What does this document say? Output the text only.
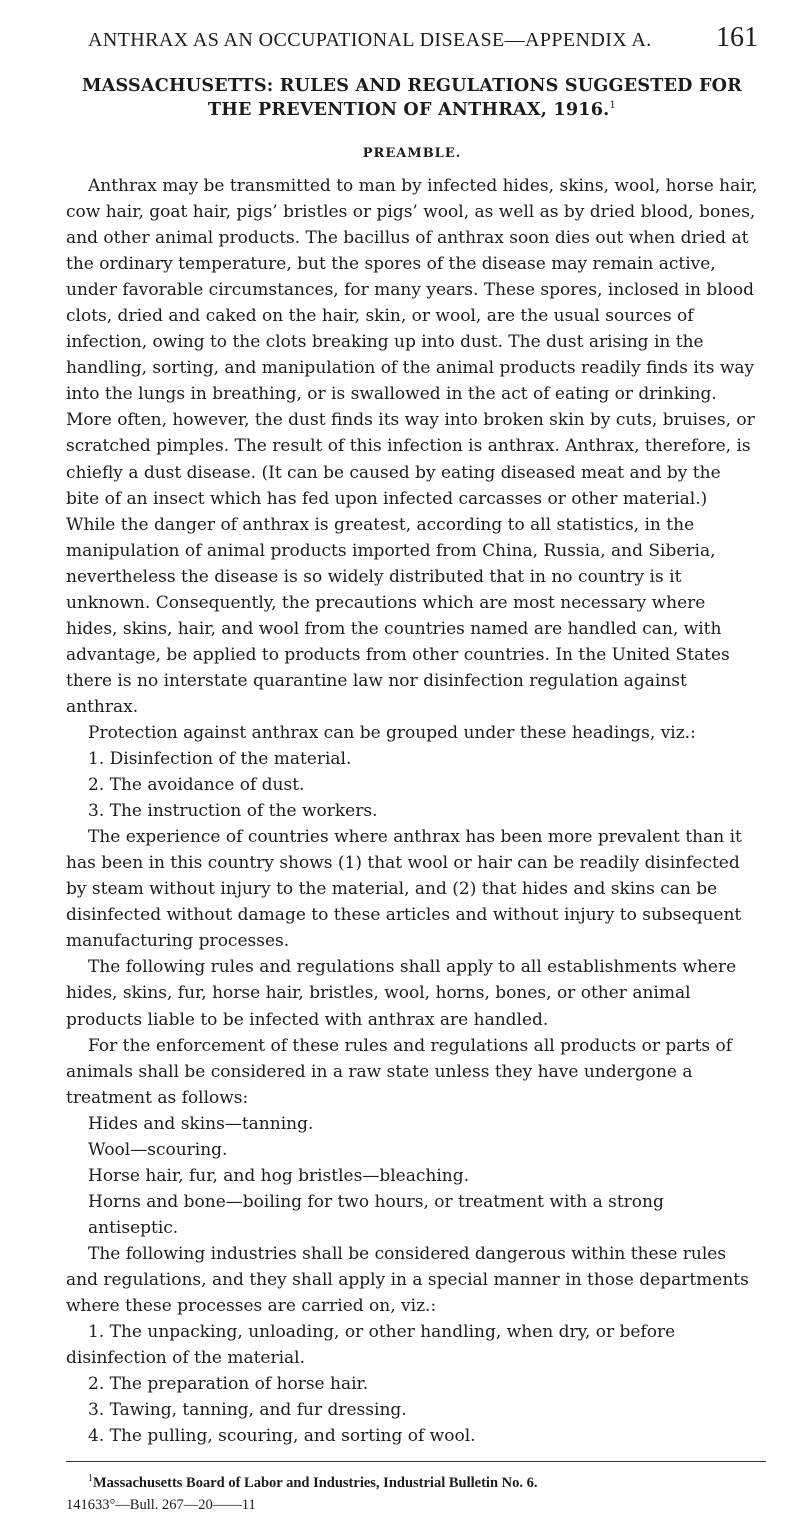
ANTHRAX AS AN OCCUPATIONAL DISEASE—APPENDIX A. 161
MASSACHUSETTS: RULES AND REGULATIONS SUGGESTED FOR
THE PREVENTION OF ANTHRAX, 1916.$^1$
PREAMBLE.

Anthrax may be transmitted to man by infected hides, skins, wool, horse hair, cow hair, goat hair, pigs’ bristles or pigs’ wool, as well as by dried blood, bones, and other animal products. The bacillus of anthrax soon dies out when dried at the ordinary temperature, but the spores of the disease may remain active, under favorable circumstances, for many years. These spores, inclosed in blood clots, dried and caked on the hair, skin, or wool, are the usual sources of infection, owing to the clots breaking up into dust. The dust arising in the handling, sorting, and manipulation of the animal products readily finds its way into the lungs in breathing, or is swallowed in the act of eating or drinking. More often, however, the dust finds its way into broken skin by cuts, bruises, or scratched pimples. The result of this infection is anthrax. Anthrax, therefore, is chiefly a dust disease. (It can be caused by eating diseased meat and by the bite of an insect which has fed upon infected carcasses or other material.) While the danger of anthrax is greatest, according to all statistics, in the manipulation of animal products imported from China, Russia, and Siberia, nevertheless the disease is so widely distributed that in no country is it unknown. Consequently, the precautions which are most necessary where hides, skins, hair, and wool from the countries named are handled can, with advantage, be applied to products from other countries. In the United States there is no interstate quarantine law nor disinfection regulation against anthrax.

Protection against anthrax can be grouped under these headings, viz.:

1. Disinfection of the material.

2. The avoidance of dust.

3. The instruction of the workers.

The experience of countries where anthrax has been more prevalent than it has been in this country shows (1) that wool or hair can be readily disinfected by steam without injury to the material, and (2) that hides and skins can be disinfected without damage to these articles and without injury to subsequent manufacturing processes.

The following rules and regulations shall apply to all establishments where hides, skins, fur, horse hair, bristles, wool, horns, bones, or other animal products liable to be infected with anthrax are handled.

For the enforcement of these rules and regulations all products or parts of animals shall be considered in a raw state unless they have undergone a treatment as follows:

Hides and skins—tanning.

Wool—scouring.

Horse hair, fur, and hog bristles—bleaching.

Horns and bone—boiling for two hours, or treatment with a strong antiseptic.

The following industries shall be considered dangerous within these rules and regulations, and they shall apply in a special manner in those departments where these processes are carried on, viz.:

1. The unpacking, unloading, or other handling, when dry, or before disinfection of the material.

2. The preparation of horse hair.

3. Tawing, tanning, and fur dressing.

4. The pulling, scouring, and sorting of wool.

$^1$Massachusetts Board of Labor and Industries, Industrial Bulletin No. 6.

141633°—Bull. 267—20——11
